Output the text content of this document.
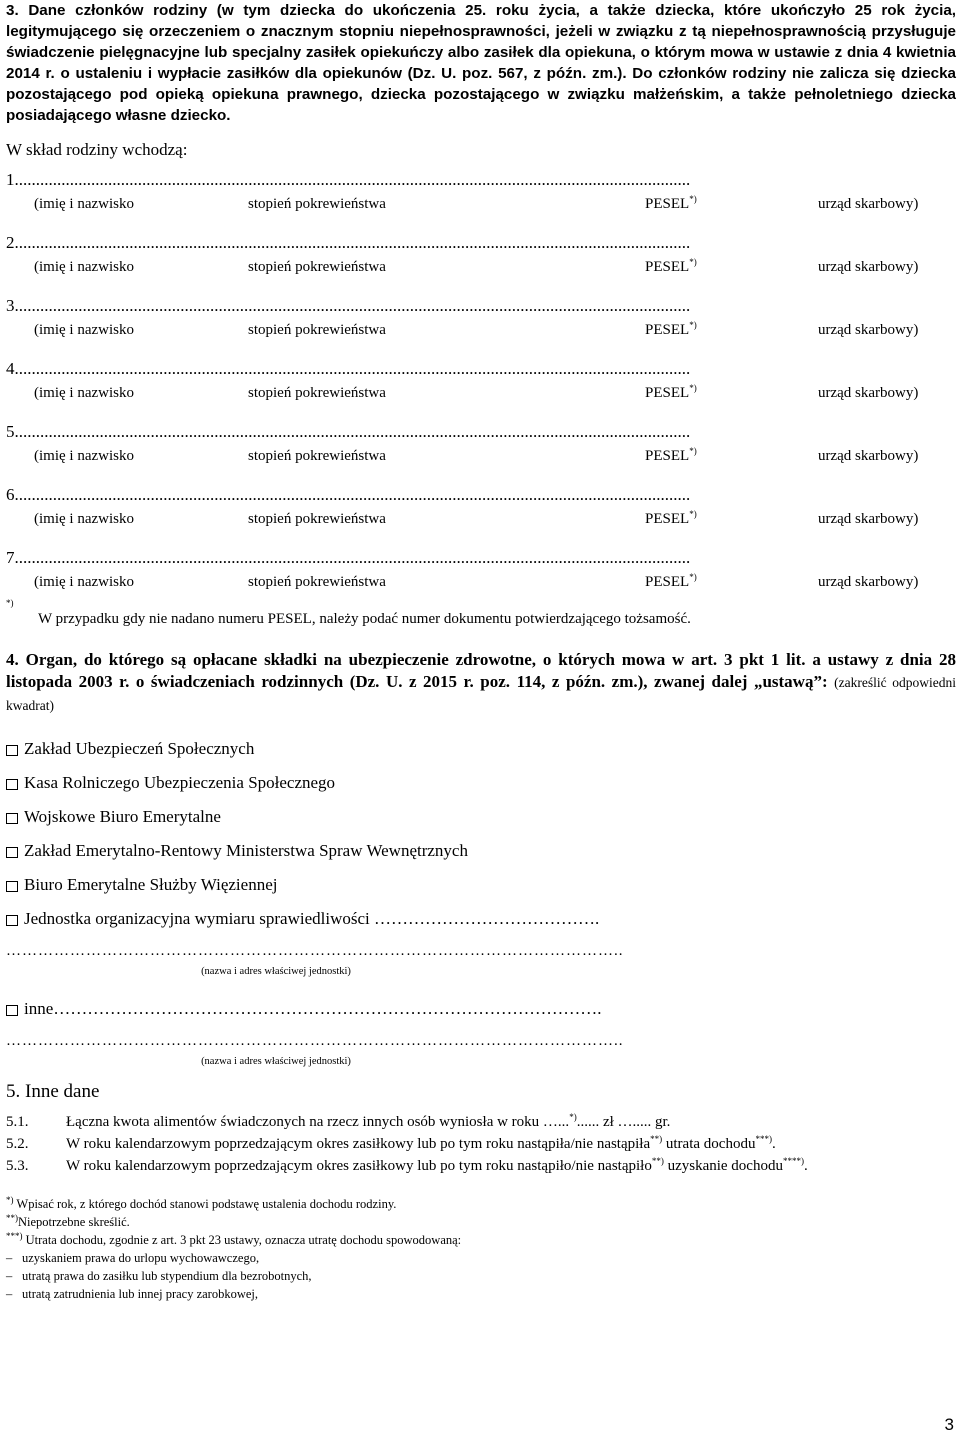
3. Dane członków rodziny (w tym dziecka do ukończenia 25. roku życia, a także dziecka, które ukończyło 25 rok życia, legitymującego się orzeczeniem o znacznym stopniu niepełnosprawności, jeżeli w związku z tą niepełnosprawnością przysługuje świadczenie pielęgnacyjne lub specjalny zasiłek opiekuńczy albo zasiłek dla opiekuna, o którym mowa w ustawie z dnia 4 kwietnia 2014 r. o ustaleniu i wypłacie zasiłków dla opiekunów (Dz. U. poz. 567, z późn. zm.). Do członków rodziny nie zalicza się dziecka pozostającego pod opieką opiekuna prawnego, dziecka pozostającego w związku małżeńskim, a także pełnoletniego dziecka posiadającego własne dziecko.

W skład rodziny wchodzą:

1...............................................................................................................................................................
(imię i nazwisko	stopień pokrewieństwa	PESEL*)	urząd skarbowy)
2...............................................................................................................................................................
(imię i nazwisko	stopień pokrewieństwa	PESEL*)	urząd skarbowy)
3...............................................................................................................................................................
(imię i nazwisko	stopień pokrewieństwa	PESEL*)	urząd skarbowy)
4...............................................................................................................................................................
(imię i nazwisko	stopień pokrewieństwa	PESEL*)	urząd skarbowy)
5...............................................................................................................................................................
(imię i nazwisko	stopień pokrewieństwa	PESEL*)	urząd skarbowy)
6...............................................................................................................................................................
(imię i nazwisko	stopień pokrewieństwa	PESEL*)	urząd skarbowy)
7...............................................................................................................................................................
(imię i nazwisko	stopień pokrewieństwa	PESEL*)	urząd skarbowy)
*)
W przypadku gdy nie nadano numeru PESEL, należy podać numer dokumentu potwierdzającego tożsamość.
4. Organ, do którego są opłacane składki na ubezpieczenie zdrowotne, o których mowa w art. 3 pkt 1 lit. a ustawy z dnia 28 listopada 2003 r. o świadczeniach rodzinnych (Dz. U. z 2015 r. poz. 114, z późn. zm.), zwanej dalej „ustawą”: (zakreślić odpowiedni kwadrat)
Zakład Ubezpieczeń Społecznych
Kasa Rolniczego Ubezpieczenia Społecznego
Wojskowe Biuro Emerytalne
Zakład Emerytalno-Rentowy Ministerstwa Spraw Wewnętrznych
Biuro Emerytalne Służby Więziennej
Jednostka organizacyjna wymiaru sprawiedliwości ………………………………….
……………………………………………………………………………………………………..
(nazwa i adres właściwej jednostki)
inne…………………………………………………………………………………….
……………………………………………………………………………………………………..
(nazwa i adres właściwej jednostki)
5. Inne dane
5.1.	Łączna kwota alimentów świadczonych na rzecz innych osób wyniosła w roku …...*)...... zł …..... gr.
5.2.	W roku kalendarzowym poprzedzającym okres zasiłkowy lub po tym roku nastąpiła/nie nastąpiła**) utrata dochodu***).
5.3.	W roku kalendarzowym poprzedzającym okres zasiłkowy lub po tym roku nastąpiło/nie nastąpiło**) uzyskanie dochodu****).
*) Wpisać rok, z którego dochód stanowi podstawę ustalenia dochodu rodziny.
**)Niepotrzebne skreślić.
***) Utrata dochodu, zgodnie z art. 3 pkt 23 ustawy, oznacza utratę dochodu spowodowaną:
– uzyskaniem prawa do urlopu wychowawczego,
– utratą prawa do zasiłku lub stypendium dla bezrobotnych,
– utratą zatrudnienia lub innej pracy zarobkowej,
3
